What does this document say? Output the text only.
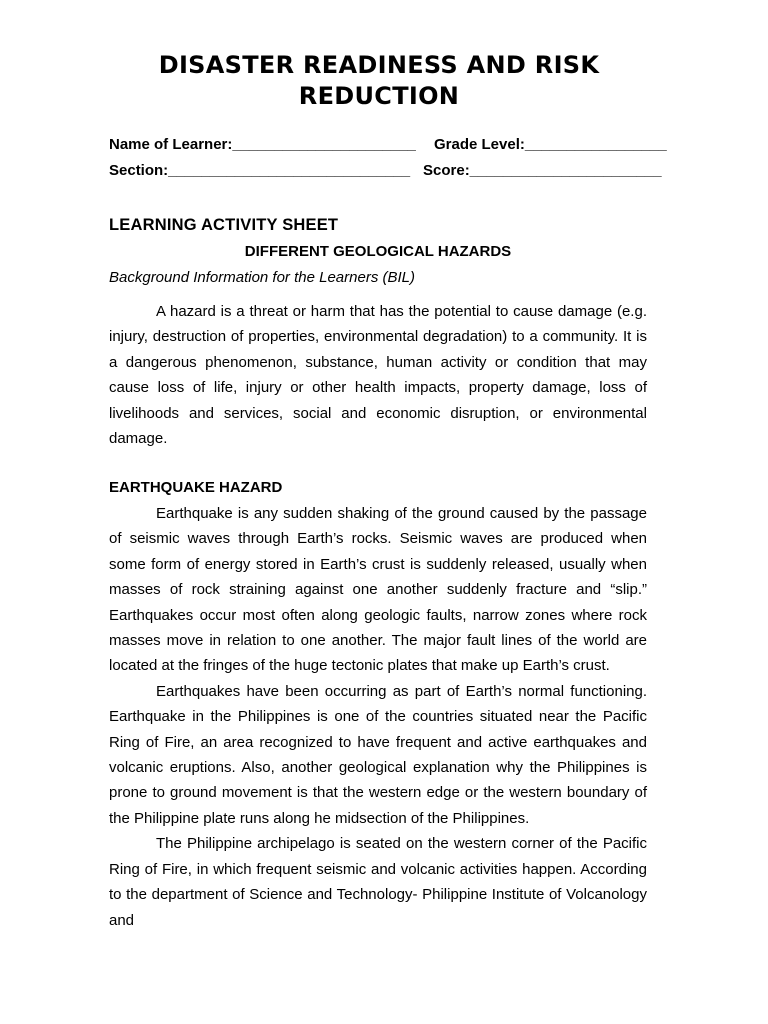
DISASTER READINESS AND RISK REDUCTION
Name of Learner:______________________ Grade Level:_________________
Section:_____________________________ Score:_______________________
LEARNING ACTIVITY SHEET
DIFFERENT GEOLOGICAL HAZARDS
Background Information for the Learners (BIL)

A hazard is a threat or harm that has the potential to cause damage (e.g. injury, destruction of properties, environmental degradation) to a community. It is a dangerous phenomenon, substance, human activity or condition that may cause loss of life, injury or other health impacts, property damage, loss of livelihoods and services, social and economic disruption, or environmental damage.

EARTHQUAKE HAZARD

Earthquake is any sudden shaking of the ground caused by the passage of seismic waves through Earth’s rocks. Seismic waves are produced when some form of energy stored in Earth’s crust is suddenly released, usually when masses of rock straining against one another suddenly fracture and “slip.” Earthquakes occur most often along geologic faults, narrow zones where rock masses move in relation to one another. The major fault lines of the world are located at the fringes of the huge tectonic plates that make up Earth’s crust.

Earthquakes have been occurring as part of Earth’s normal functioning. Earthquake in the Philippines is one of the countries situated near the Pacific Ring of Fire, an area recognized to have frequent and active earthquakes and volcanic eruptions. Also, another geological explanation why the Philippines is prone to ground movement is that the western edge or the western boundary of the Philippine plate runs along he midsection of the Philippines.

The Philippine archipelago is seated on the western corner of the Pacific Ring of Fire, in which frequent seismic and volcanic activities happen. According to the department of Science and Technology- Philippine Institute of Volcanology and
